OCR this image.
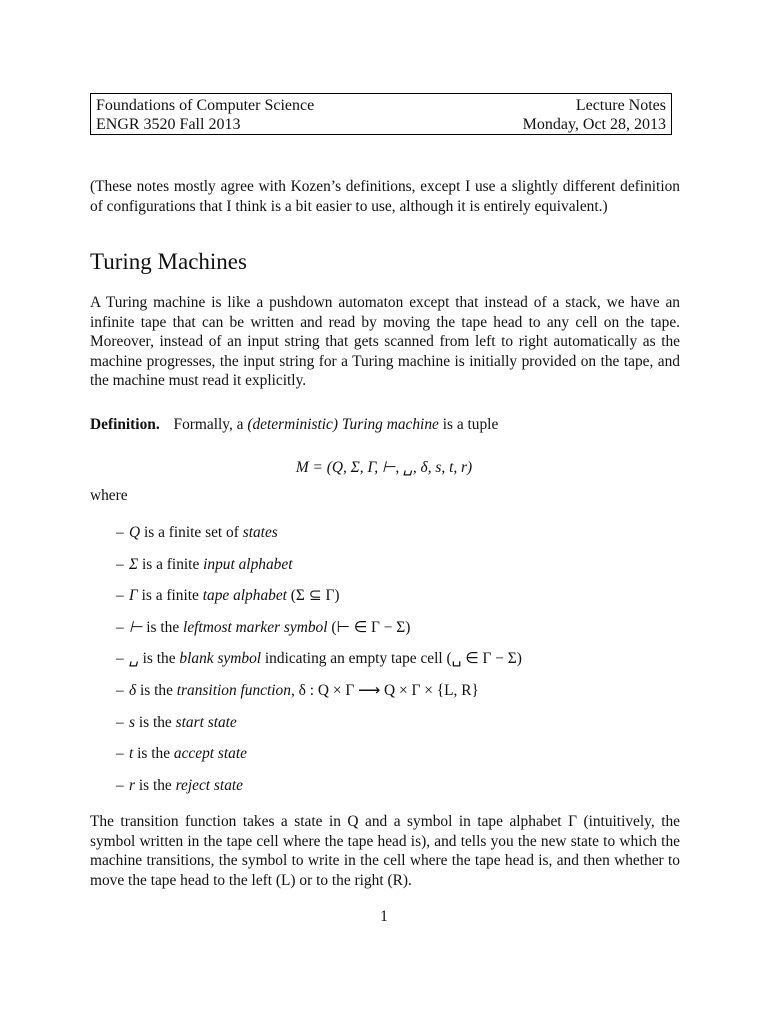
Foundations of Computer Science	Lecture Notes
ENGR 3520 Fall 2013	Monday, Oct 28, 2013
(These notes mostly agree with Kozen’s definitions, except I use a slightly different definition of configurations that I think is a bit easier to use, although it is entirely equivalent.)
Turing Machines
A Turing machine is like a pushdown automaton except that instead of a stack, we have an infinite tape that can be written and read by moving the tape head to any cell on the tape. Moreover, instead of an input string that gets scanned from left to right automatically as the machine progresses, the input string for a Turing machine is initially provided on the tape, and the machine must read it explicitly.
Definition. Formally, a (deterministic) Turing machine is a tuple
M = (Q, Σ, Γ, ⊢, ␣, δ, s, t, r)
where
– Q is a finite set of states
– Σ is a finite input alphabet
– Γ is a finite tape alphabet (Σ ⊆ Γ)
– ⊢ is the leftmost marker symbol (⊢ ∈ Γ − Σ)
– ␣ is the blank symbol indicating an empty tape cell (␣ ∈ Γ − Σ)
– δ is the transition function, δ : Q × Γ ⟶ Q × Γ × {L, R}
– s is the start state
– t is the accept state
– r is the reject state
The transition function takes a state in Q and a symbol in tape alphabet Γ (intuitively, the symbol written in the tape cell where the tape head is), and tells you the new state to which the machine transitions, the symbol to write in the cell where the tape head is, and then whether to move the tape head to the left (L) or to the right (R).
1
